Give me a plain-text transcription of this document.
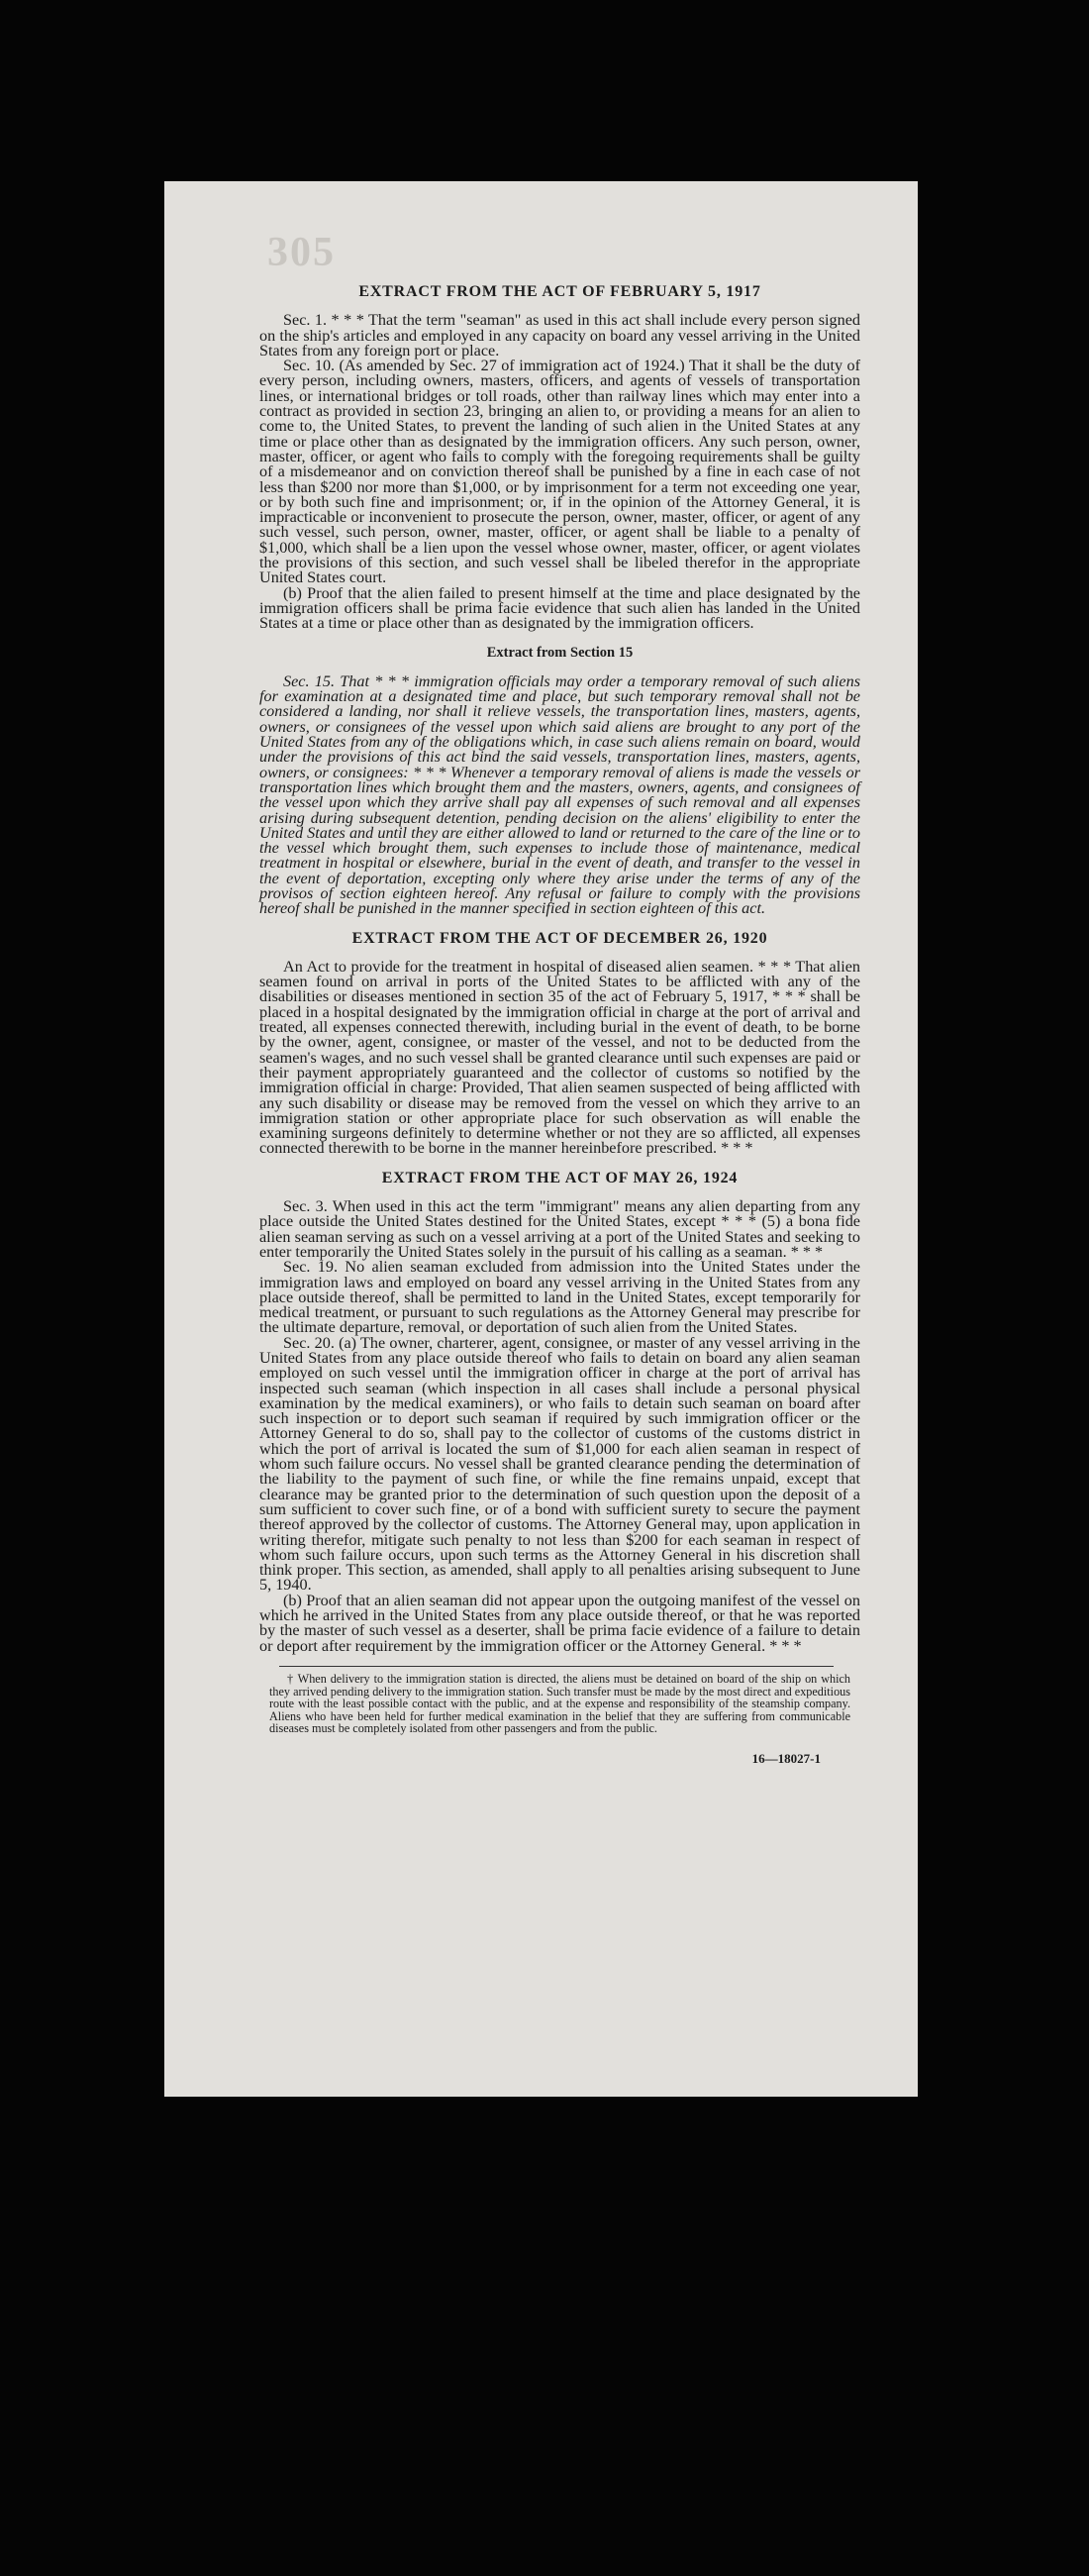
305
EXTRACT FROM THE ACT OF FEBRUARY 5, 1917

Sec. 1. * * * That the term "seaman" as used in this act shall include every person signed on the ship's articles and employed in any capacity on board any vessel arriving in the United States from any foreign port or place.

Sec. 10. (As amended by Sec. 27 of immigration act of 1924.) That it shall be the duty of every person, including owners, masters, officers, and agents of vessels of transportation lines, or international bridges or toll roads, other than railway lines which may enter into a contract as provided in section 23, bringing an alien to, or providing a means for an alien to come to, the United States, to prevent the landing of such alien in the United States at any time or place other than as designated by the immigration officers. Any such person, owner, master, officer, or agent who fails to comply with the foregoing requirements shall be guilty of a misdemeanor and on conviction thereof shall be punished by a fine in each case of not less than $200 nor more than $1,000, or by imprisonment for a term not exceeding one year, or by both such fine and imprisonment; or, if in the opinion of the Attorney General, it is impracticable or inconvenient to prosecute the person, owner, master, officer, or agent of any such vessel, such person, owner, master, officer, or agent shall be liable to a penalty of $1,000, which shall be a lien upon the vessel whose owner, master, officer, or agent violates the provisions of this section, and such vessel shall be libeled therefor in the appropriate United States court.

(b) Proof that the alien failed to present himself at the time and place designated by the immigration officers shall be prima facie evidence that such alien has landed in the United States at a time or place other than as designated by the immigration officers.

Extract from Section 15

Sec. 15. That * * * immigration officials may order a temporary removal of such aliens for examination at a designated time and place, but such temporary removal shall not be considered a landing, nor shall it relieve vessels, the transportation lines, masters, agents, owners, or consignees of the vessel upon which said aliens are brought to any port of the United States from any of the obligations which, in case such aliens remain on board, would under the provisions of this act bind the said vessels, transportation lines, masters, agents, owners, or consignees: * * * Whenever a temporary removal of aliens is made the vessels or transportation lines which brought them and the masters, owners, agents, and consignees of the vessel upon which they arrive shall pay all expenses of such removal and all expenses arising during subsequent detention, pending decision on the aliens' eligibility to enter the United States and until they are either allowed to land or returned to the care of the line or to the vessel which brought them, such expenses to include those of maintenance, medical treatment in hospital or elsewhere, burial in the event of death, and transfer to the vessel in the event of deportation, excepting only where they arise under the terms of any of the provisos of section eighteen hereof. Any refusal or failure to comply with the provisions hereof shall be punished in the manner specified in section eighteen of this act.

EXTRACT FROM THE ACT OF DECEMBER 26, 1920

An Act to provide for the treatment in hospital of diseased alien seamen. * * * That alien seamen found on arrival in ports of the United States to be afflicted with any of the disabilities or diseases mentioned in section 35 of the act of February 5, 1917, * * * shall be placed in a hospital designated by the immigration official in charge at the port of arrival and treated, all expenses connected therewith, including burial in the event of death, to be borne by the owner, agent, consignee, or master of the vessel, and not to be deducted from the seamen's wages, and no such vessel shall be granted clearance until such expenses are paid or their payment appropriately guaranteed and the collector of customs so notified by the immigration official in charge: Provided, That alien seamen suspected of being afflicted with any such disability or disease may be removed from the vessel on which they arrive to an immigration station or other appropriate place for such observation as will enable the examining surgeons definitely to determine whether or not they are so afflicted, all expenses connected therewith to be borne in the manner hereinbefore prescribed. * * *

EXTRACT FROM THE ACT OF MAY 26, 1924

Sec. 3. When used in this act the term "immigrant" means any alien departing from any place outside the United States destined for the United States, except * * * (5) a bona fide alien seaman serving as such on a vessel arriving at a port of the United States and seeking to enter temporarily the United States solely in the pursuit of his calling as a seaman. * * *

Sec. 19. No alien seaman excluded from admission into the United States under the immigration laws and employed on board any vessel arriving in the United States from any place outside thereof, shall be permitted to land in the United States, except temporarily for medical treatment, or pursuant to such regulations as the Attorney General may prescribe for the ultimate departure, removal, or deportation of such alien from the United States.

Sec. 20. (a) The owner, charterer, agent, consignee, or master of any vessel arriving in the United States from any place outside thereof who fails to detain on board any alien seaman employed on such vessel until the immigration officer in charge at the port of arrival has inspected such seaman (which inspection in all cases shall include a personal physical examination by the medical examiners), or who fails to detain such seaman on board after such inspection or to deport such seaman if required by such immigration officer or the Attorney General to do so, shall pay to the collector of customs of the customs district in which the port of arrival is located the sum of $1,000 for each alien seaman in respect of whom such failure occurs. No vessel shall be granted clearance pending the determination of the liability to the payment of such fine, or while the fine remains unpaid, except that clearance may be granted prior to the determination of such question upon the deposit of a sum sufficient to cover such fine, or of a bond with sufficient surety to secure the payment thereof approved by the collector of customs. The Attorney General may, upon application in writing therefor, mitigate such penalty to not less than $200 for each seaman in respect of whom such failure occurs, upon such terms as the Attorney General in his discretion shall think proper. This section, as amended, shall apply to all penalties arising subsequent to June 5, 1940.

(b) Proof that an alien seaman did not appear upon the outgoing manifest of the vessel on which he arrived in the United States from any place outside thereof, or that he was reported by the master of such vessel as a deserter, shall be prima facie evidence of a failure to detain or deport after requirement by the immigration officer or the Attorney General. * * *

† When delivery to the immigration station is directed, the aliens must be detained on board of the ship on which they arrived pending delivery to the immigration station. Such transfer must be made by the most direct and expeditious route with the least possible contact with the public, and at the expense and responsibility of the steamship company. Aliens who have been held for further medical examination in the belief that they are suffering from communicable diseases must be completely isolated from other passengers and from the public.

16—18027-1
